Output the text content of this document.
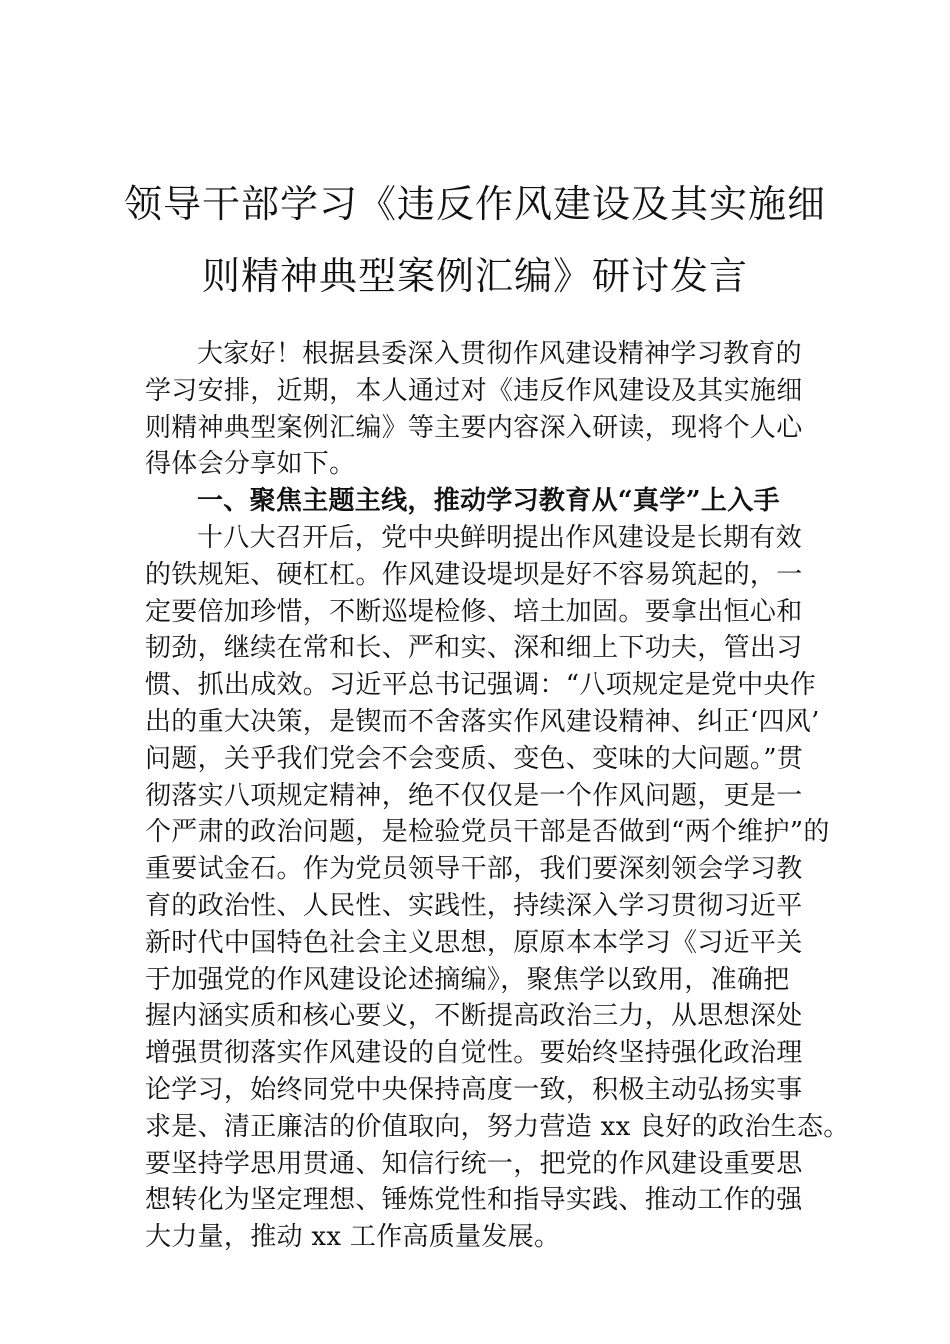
领导干部学习《违反作风建设及其实施细
则精神典型案例汇编》研讨发言
大家好！根据县委深入贯彻作风建设精神学习教育的
学习安排，近期，本人通过对《违反作风建设及其实施细
则精神典型案例汇编》等主要内容深入研读，现将个人心
得体会分享如下。
一、聚焦主题主线，推动学习教育从“真学”上入手
十八大召开后，党中央鲜明提出作风建设是长期有效
的铁规矩、硬杠杠。作风建设堤坝是好不容易筑起的，一
定要倍加珍惜，不断巡堤检修、培土加固。要拿出恒心和
韧劲，继续在常和长、严和实、深和细上下功夫，管出习
惯、抓出成效。习近平总书记强调：“八项规定是党中央作
出的重大决策，是锲而不舍落实作风建设精神、纠正‘四风’
问题，关乎我们党会不会变质、变色、变味的大问题。”贯
彻落实八项规定精神，绝不仅仅是一个作风问题，更是一
个严肃的政治问题，是检验党员干部是否做到“两个维护”的
重要试金石。作为党员领导干部，我们要深刻领会学习教
育的政治性、人民性、实践性，持续深入学习贯彻习近平
新时代中国特色社会主义思想，原原本本学习《习近平关
于加强党的作风建设论述摘编》，聚焦学以致用，准确把
握内涵实质和核心要义，不断提高政治三力，从思想深处
增强贯彻落实作风建设的自觉性。要始终坚持强化政治理
论学习，始终同党中央保持高度一致，积极主动弘扬实事
求是、清正廉洁的价值取向，努力营造 xx 良好的政治生态。
要坚持学思用贯通、知信行统一，把党的作风建设重要思
想转化为坚定理想、锤炼党性和指导实践、推动工作的强
大力量，推动 xx 工作高质量发展。
